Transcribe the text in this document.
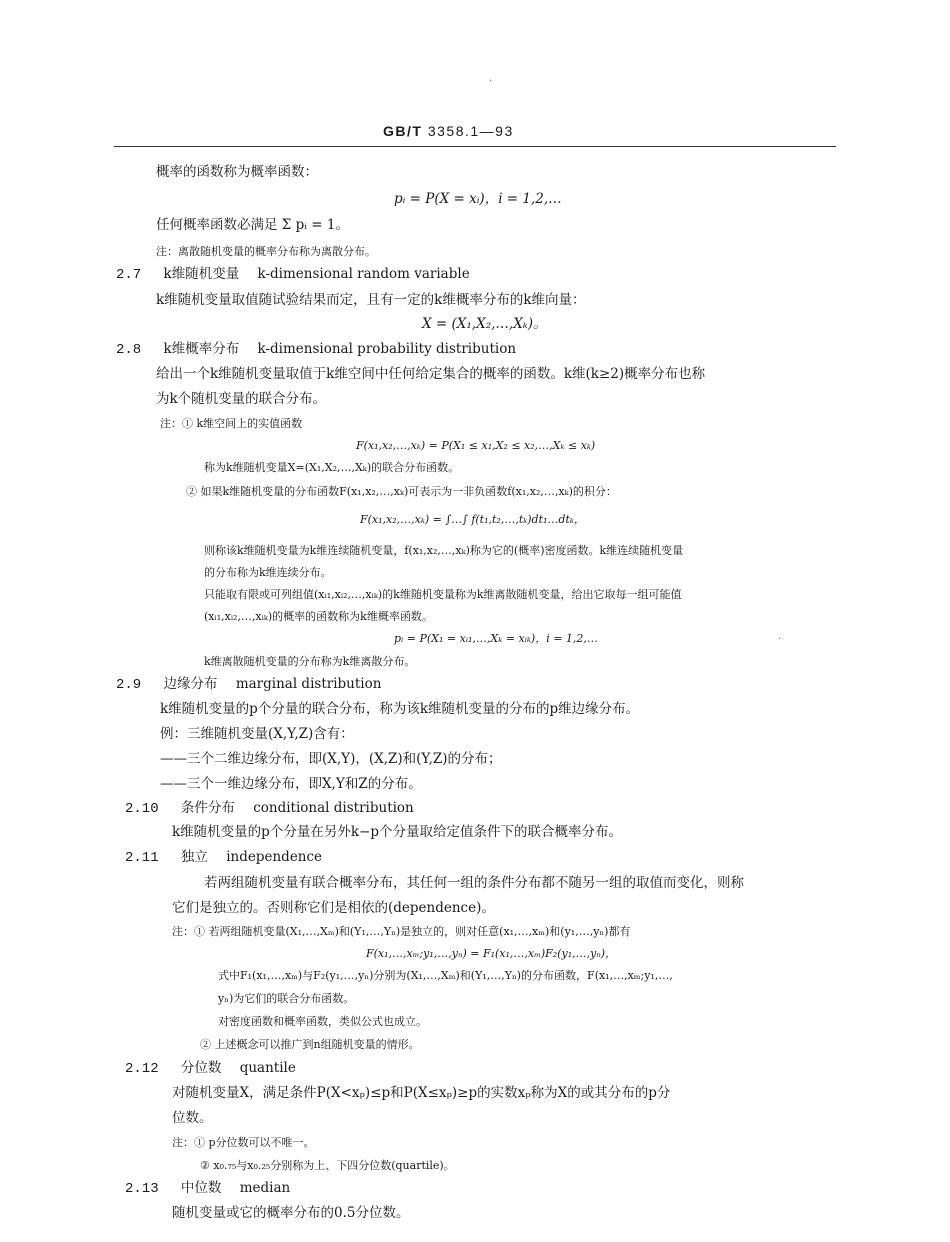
·
GB/T 3358.1—93
概率的函数称为概率函数：
pᵢ = P(X = xᵢ)，i = 1,2,…
任何概率函数必满足 Σ pᵢ = 1。
注：离散随机变量的概率分布称为离散分布。
2.7 k维随机变量 k-dimensional random variable
k维随机变量取值随试验结果而定，且有一定的k维概率分布的k维向量：
X = (X₁,X₂,…,Xₖ)。
2.8 k维概率分布 k-dimensional probability distribution
给出一个k维随机变量取值于k维空间中任何给定集合的概率的函数。k维(k≥2)概率分布也称
为k个随机变量的联合分布。
注：① k维空间上的实值函数
F(x₁,x₂,…,xₖ) = P(X₁ ≤ x₁,X₂ ≤ x₂,…,Xₖ ≤ xₖ)
称为k维随机变量X=(X₁,X₂,…,Xₖ)的联合分布函数。
② 如果k维随机变量的分布函数F(x₁,x₂,…,xₖ)可表示为一非负函数f(x₁,x₂,…,xₖ)的积分：
F(x₁,x₂,…,xₖ) = ∫…∫ f(t₁,t₂,…,tₖ)dt₁…dtₖ，
则称该k维随机变量为k维连续随机变量，f(x₁,x₂,…,xₖ)称为它的(概率)密度函数。k维连续随机变量
的分布称为k维连续分布。
只能取有限或可列组值(xᵢ₁,xᵢ₂,…,xᵢₖ)的k维随机变量称为k维离散随机变量，给出它取每一组可能值
(xᵢ₁,xᵢ₂,…,xᵢₖ)的概率的函数称为k维概率函数。
pᵢ = P(X₁ = xᵢ₁,…,Xₖ = xᵢₖ)，i = 1,2,…	·
k维离散随机变量的分布称为k维离散分布。
2.9 边缘分布 marginal distribution
k维随机变量的p个分量的联合分布，称为该k维随机变量的分布的p维边缘分布。
例：三维随机变量(X,Y,Z)含有：
——三个二维边缘分布，即(X,Y)，(X,Z)和(Y,Z)的分布；
——三个一维边缘分布，即X,Y和Z的分布。
2.10 条件分布 conditional distribution
k维随机变量的p个分量在另外k−p个分量取给定值条件下的联合概率分布。
2.11 独立 independence
若两组随机变量有联合概率分布，其任何一组的条件分布都不随另一组的取值而变化，则称
它们是独立的。否则称它们是相依的(dependence)。
注：① 若两组随机变量(X₁,…,Xₘ)和(Y₁,…,Yₙ)是独立的，则对任意(x₁,…,xₘ)和(y₁,…,yₙ)都有
F(x₁,…,xₘ;y₁,…,yₙ) = F₁(x₁,…,xₘ)F₂(y₁,…,yₙ)，
式中F₁(x₁,…,xₘ)与F₂(y₁,…,yₙ)分别为(X₁,…,Xₘ)和(Y₁,…,Yₙ)的分布函数，F(x₁,…,xₘ;y₁,…,
yₙ)为它们的联合分布函数。
对密度函数和概率函数，类似公式也成立。
② 上述概念可以推广到n组随机变量的情形。
2.12 分位数 quantile
对随机变量X，满足条件P(X<xₚ)≤p和P(X≤xₚ)≥p的实数xₚ称为X的或其分布的p分
位数。
注：① p分位数可以不唯一。
② x₀.₇₅与x₀.₂₅分别称为上、下四分位数(quartile)。
2.13 中位数 median
随机变量或它的概率分布的0.5分位数。
